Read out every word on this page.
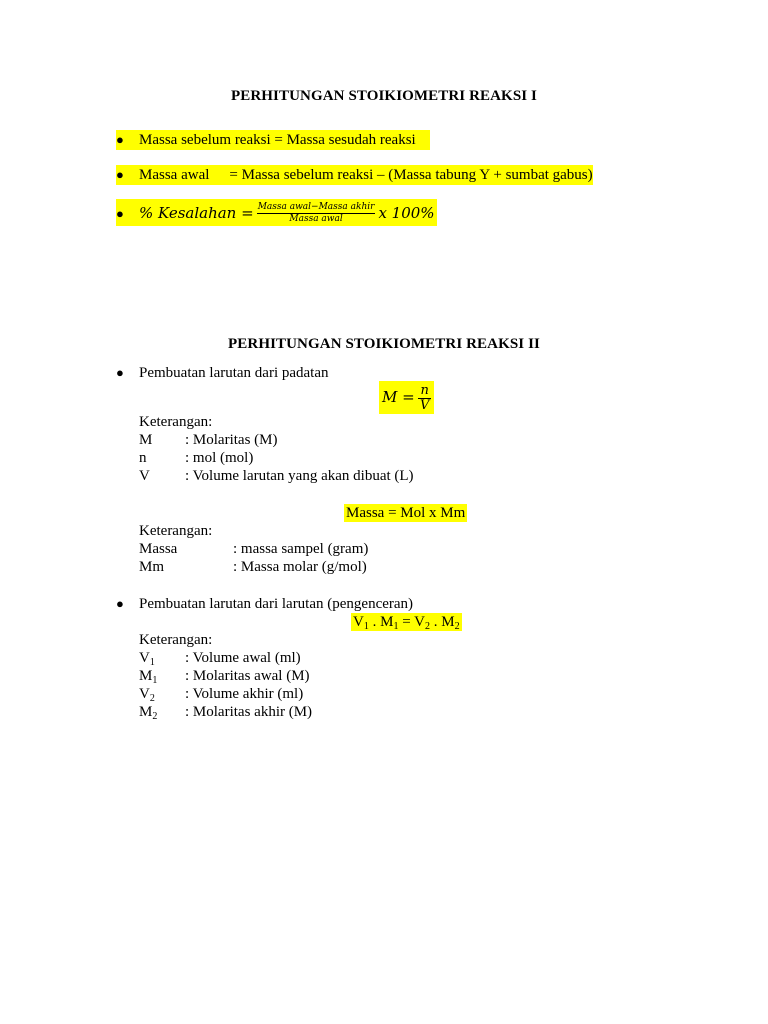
PERHITUNGAN STOIKIOMETRI REAKSI I
● Massa sebelum reaksi = Massa sesudah reaksi
● Massa awal = Massa sebelum reaksi – (Massa tabung Y + sumbat gabus)
● % Kesalahan = $\frac{\text{Massa awal−Massa akhir}}{\text{Massa awal}}$ x 100%
PERHITUNGAN STOIKIOMETRI REAKSI II
● Pembuatan larutan dari padatan
$M = \frac{n}{V}$
Keterangan:
M : Molaritas (M)
n	: mol (mol)
V : Volume larutan yang akan dibuat (L)
Massa = Mol x Mm
Keterangan:
Massa	: massa sampel (gram)
Mm	: Massa molar (g/mol)
● Pembuatan larutan dari larutan (pengenceran)
$V_1$ . $M_1 = V_2$ . $M_2$
Keterangan:
$V_1$ : Volume awal (ml)
$M_1$ : Molaritas awal (M)
$V_2$ : Volume akhir (ml)
$M_2$ : Molaritas akhir (M)
